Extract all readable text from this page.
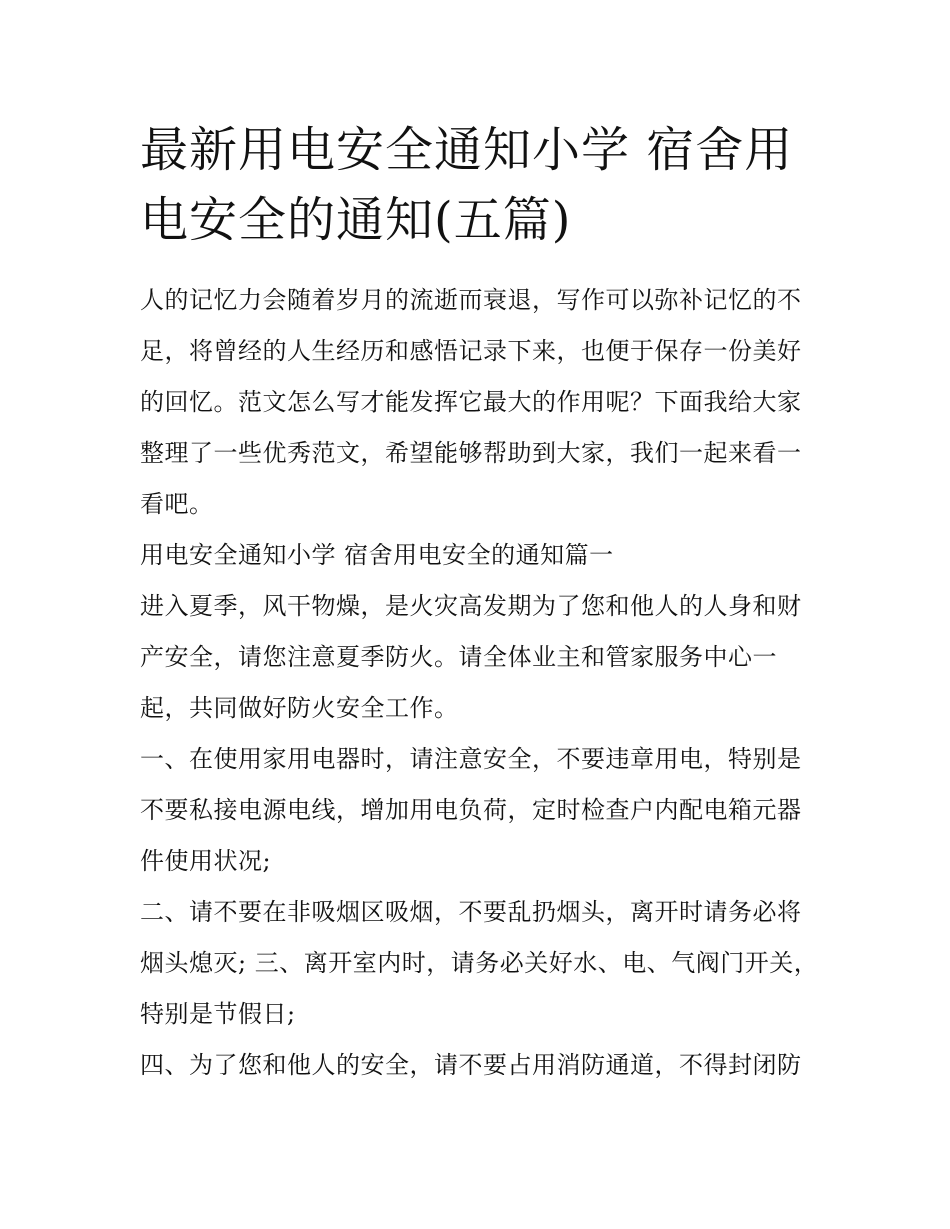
最新用电安全通知小学 宿舍用电安全的通知(五篇)

人的记忆力会随着岁月的流逝而衰退，写作可以弥补记忆的不足，将曾经的人生经历和感悟记录下来，也便于保存一份美好的回忆。范文怎么写才能发挥它最大的作用呢？下面我给大家整理了一些优秀范文，希望能够帮助到大家，我们一起来看一看吧。

用电安全通知小学 宿舍用电安全的通知篇一

进入夏季，风干物燥，是火灾高发期为了您和他人的人身和财产安全，请您注意夏季防火。请全体业主和管家服务中心一起，共同做好防火安全工作。

一、在使用家用电器时，请注意安全，不要违章用电，特别是不要私接电源电线，增加用电负荷，定时检查户内配电箱元器件使用状况;

二、请不要在非吸烟区吸烟，不要乱扔烟头，离开时请务必将烟头熄灭; 三、离开室内时，请务必关好水、电、气阀门开关，特别是节假日;

四、为了您和他人的安全，请不要占用消防通道，不得封闭防
